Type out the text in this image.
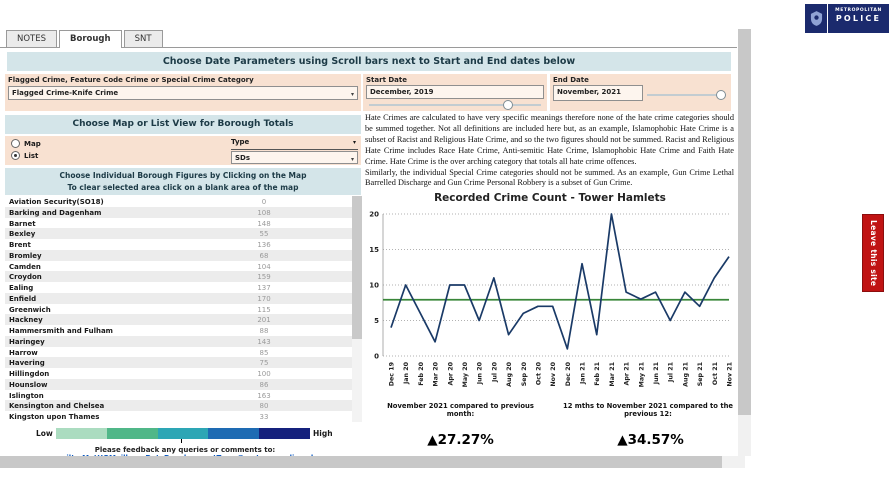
METROPOLITAN
POLICE
NOTES	Borough	SNT
Choose Date Parameters using Scroll bars next to Start and End dates below
Flagged Crime, Feature Code Crime or Special Crime Category
Flagged Crime-Knife Crime	▾
Start Date
December, 2019
End Date
November, 2021
Choose Map or List View for Borough Totals
Map
List
Type	▾
SDs	▾
Choose Individual Borough Figures by Clicking on the Map
To clear selected area click on a blank area of the map
Aviation Security(SO18)	0
Barking and Dagenham	108
Barnet	148
Bexley	55
Brent	136
Bromley	68
Camden	104
Croydon	159
Ealing	137
Enfield	170
Greenwich	115
Hackney	201
Hammersmith and Fulham	88
Haringey	143
Harrow	85
Havering	75
Hillingdon	100
Hounslow	86
Islington	163
Kensington and Chelsea	80
Kingston upon Thames	33
Low	High
Please feedback any queries or comments to:

Hate Crimes are calculated to have very specific meanings therefore none of the hate crime categories should be summed together. Not all definitions are included here but, as an example, Islamophobic Hate Crime is a subset of Racist and Religious Hate Crime, and so the two figures should not be summed. Racist and Religious Hate Crime includes Race Hate Crime, Anti-semitic Hate Crime, Islamophobic Hate Crime and Faith Hate Crime. Hate Crime is the over arching category that totals all hate crime offences.

Similarly, the individual Special Crime categories should not be summed. As an example, Gun Crime Lethal Barrelled Discharge and Gun Crime Personal Robbery is a subset of Gun Crime.

Recorded Crime Count - Tower Hamlets
0
5
10
15
20
Dec 19 Jan 20 Feb 20 Mar 20 Apr 20 May 20 Jun 20 Jul 20 Aug 20 Sep 20 Oct 20 Nov 20 Dec 20 Jan 21 Feb 21 Mar 21 Apr 21 May 21 Jun 21 Jul 21 Aug 21 Sep 21 Oct 21 Nov 21
November 2021 compared to previous month:
12 mths to November 2021 compared to the previous 12:
▲27.27%	▲34.57%
Leave this site
